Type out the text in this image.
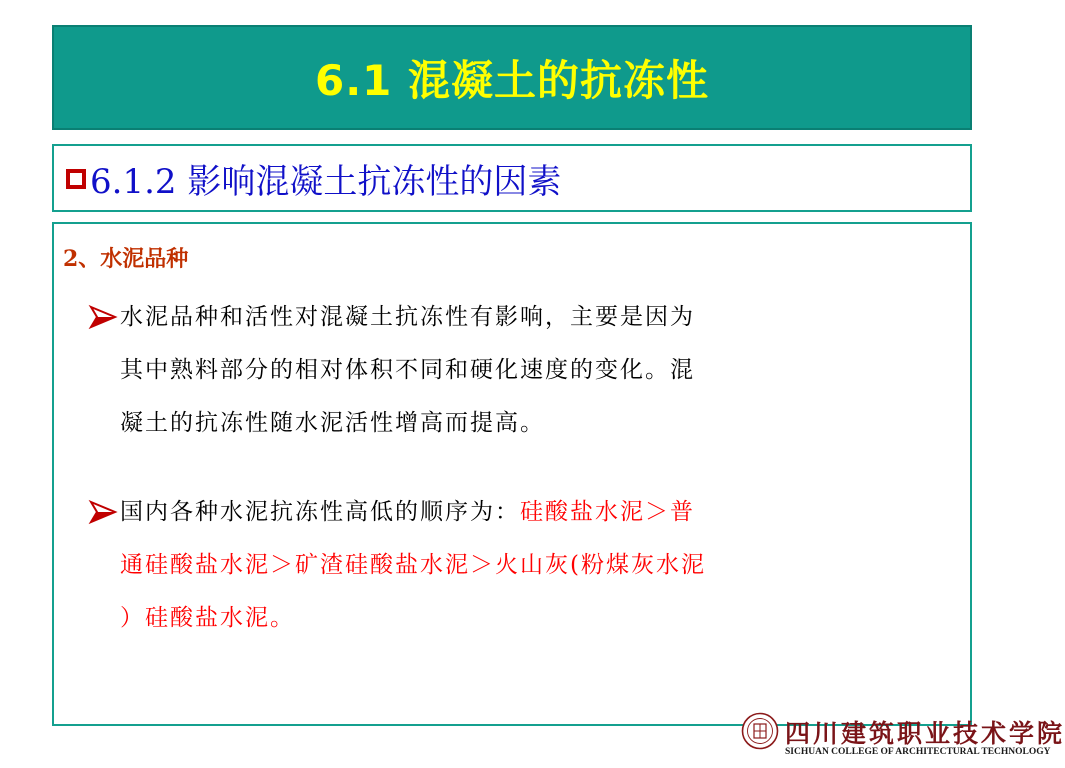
6.1 混凝土的抗冻性
6.1.2 影响混凝土抗冻性的因素
2、水泥品种
水泥品种和活性对混凝土抗冻性有影响，主要是因为
其中熟料部分的相对体积不同和硬化速度的变化。混
凝土的抗冻性随水泥活性增高而提高。
国内各种水泥抗冻性高低的顺序为：硅酸盐水泥＞普
通硅酸盐水泥＞矿渣硅酸盐水泥＞火山灰(粉煤灰水泥
）硅酸盐水泥。
四川建筑职业技术学院
SICHUAN COLLEGE OF ARCHITECTURAL TECHNOLOGY
